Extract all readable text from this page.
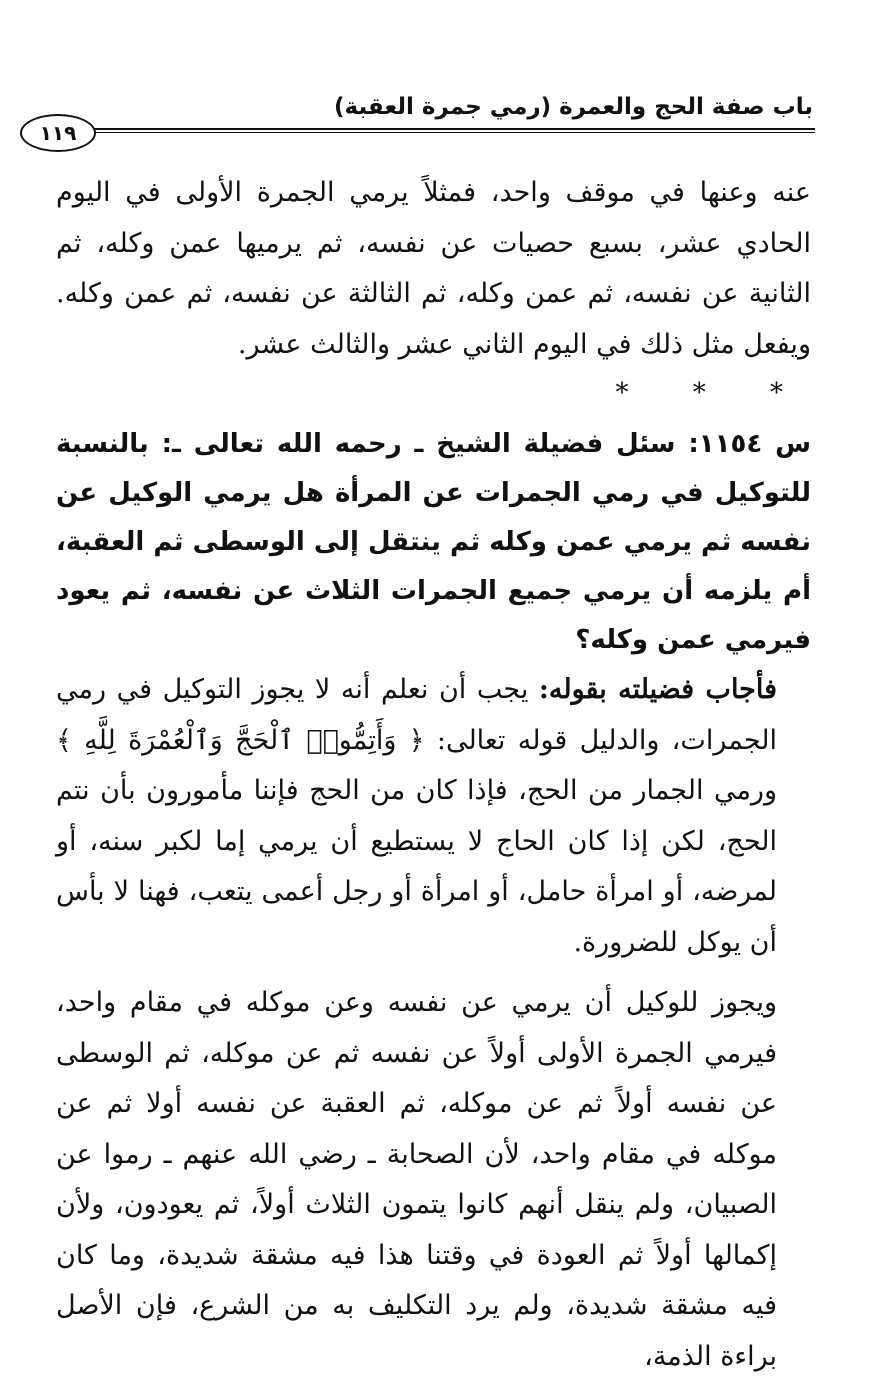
باب صفة الحج والعمرة (رمي جمرة العقبة)
١١٩

عنه وعنها في موقف واحد، فمثلاً يرمي الجمرة الأولى في اليوم الحادي عشر، بسبع حصيات عن نفسه، ثم يرميها عمن وكله، ثم الثانية عن نفسه، ثم عمن وكله، ثم الثالثة عن نفسه، ثم عمن وكله. ويفعل مثل ذلك في اليوم الثاني عشر والثالث عشر.

* * *

س ١١٥٤: سئل فضيلة الشيخ ـ رحمه الله تعالى ـ: بالنسبة للتوكيل في رمي الجمرات عن المرأة هل يرمي الوكيل عن نفسه ثم يرمي عمن وكله ثم ينتقل إلى الوسطى ثم العقبة، أم يلزمه أن يرمي جميع الجمرات الثلاث عن نفسه، ثم يعود فيرمي عمن وكله؟

فأجاب فضيلته بقوله: يجب أن نعلم أنه لا يجوز التوكيل في رمي الجمرات، والدليل قوله تعالى: ﴿ وَأَتِمُّوا۟ ٱلْحَجَّ وَٱلْعُمْرَةَ لِلَّهِ ﴾ ورمي الجمار من الحج، فإذا كان من الحج فإننا مأمورون بأن نتم الحج، لكن إذا كان الحاج لا يستطيع أن يرمي إما لكبر سنه، أو لمرضه، أو امرأة حامل، أو امرأة أو رجل أعمى يتعب، فهنا لا بأس أن يوكل للضرورة.

ويجوز للوكيل أن يرمي عن نفسه وعن موكله في مقام واحد، فيرمي الجمرة الأولى أولاً عن نفسه ثم عن موكله، ثم الوسطى عن نفسه أولاً ثم عن موكله، ثم العقبة عن نفسه أولا ثم عن موكله في مقام واحد، لأن الصحابة ـ رضي الله عنهم ـ رموا عن الصبيان، ولم ينقل أنهم كانوا يتمون الثلاث أولاً، ثم يعودون، ولأن إكمالها أولاً ثم العودة في وقتنا هذا فيه مشقة شديدة، وما كان فيه مشقة شديدة، ولم يرد التكليف به من الشرع، فإن الأصل براءة الذمة،
